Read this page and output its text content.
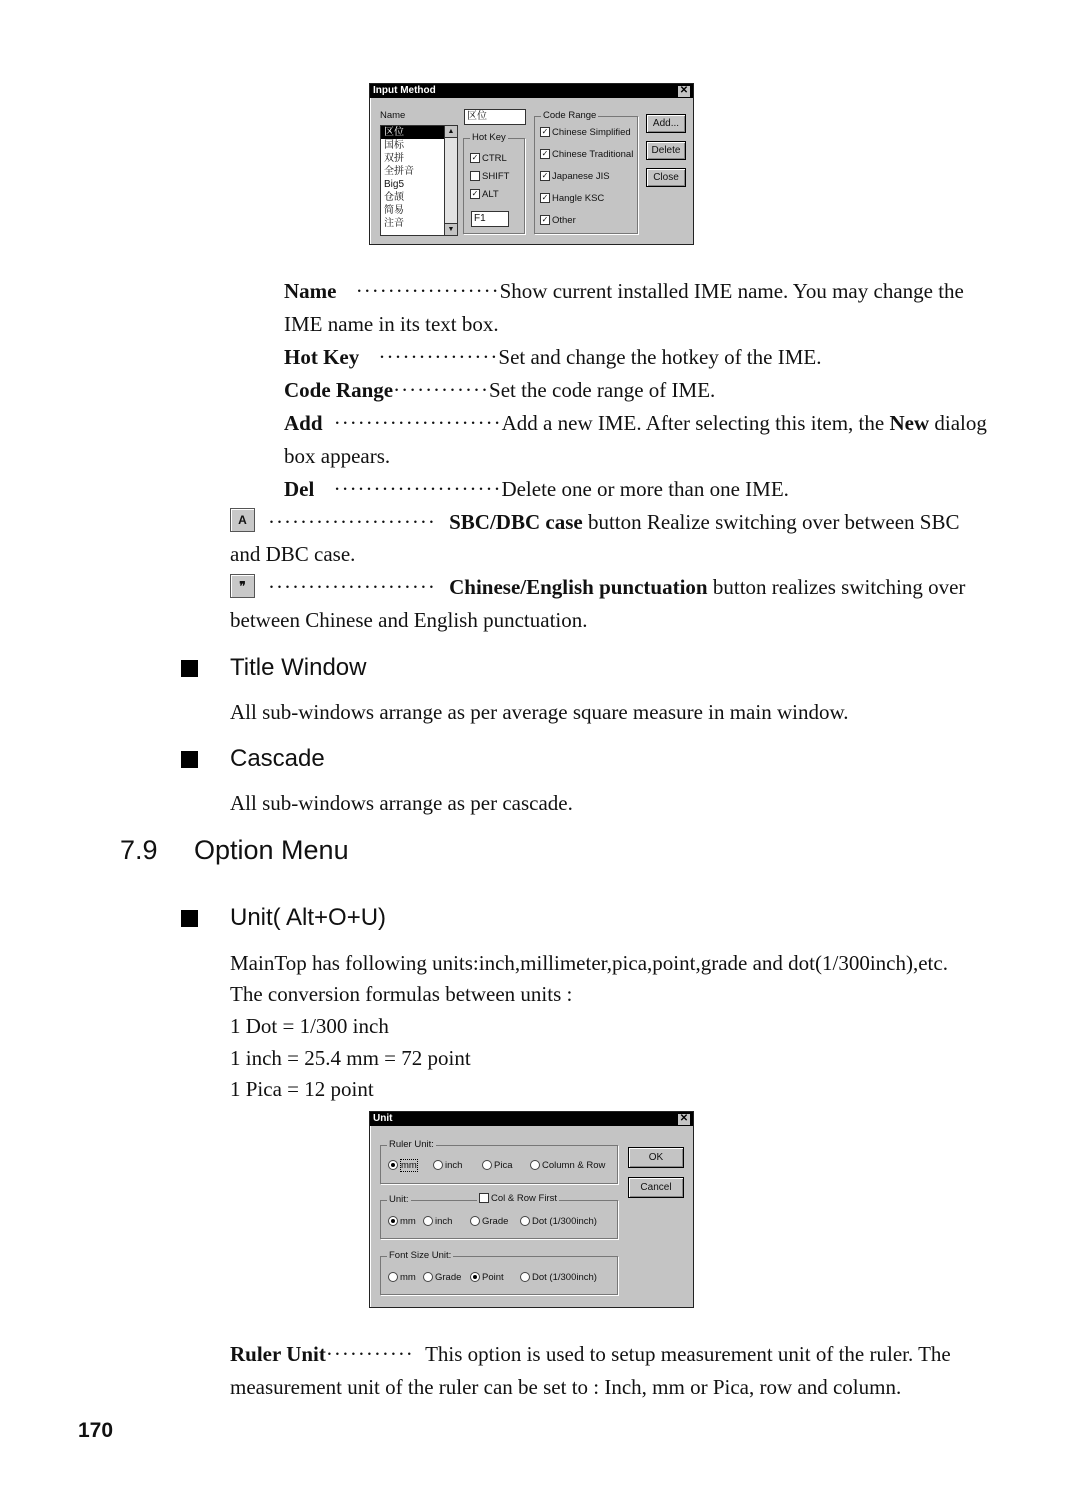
Input Method	✕
Name	区位
区位
国标
双拼
全拼音
Big5
仓颉
简易
注音
▲
▼
Hot Key
✓ CTRL
SHIFT
✓ ALT
F1
Code Range
✓ Chinese Simplified
✓ Chinese Traditional
✓ Japanese JIS
✓ Hangle KSC
✓ Other
Add...
Delete
Close
Name ··················Show current installed IME name. You may change the
IME name in its text box.
Hot Key ···············Set and change the hotkey of the IME.
Code Range············Set the code range of IME.
Add ·····················Add a new IME. After selecting this item, the New dialog
box appears.
Del ·····················Delete one or more than one IME.
A	····················· SBC/DBC case button Realize switching over between SBC
and DBC case.
❞	····················· Chinese/English punctuation button realizes switching over
between Chinese and English punctuation.
Title Window
All sub-windows arrange as per average square measure in main window.
Cascade
All sub-windows arrange as per cascade.
7.9 Option Menu
Unit( Alt+O+U)
MainTop has following units:inch,millimeter,pica,point,grade and dot(1/300inch),etc.
The conversion formulas between units :
1 Dot = 1/300 inch
1 inch = 25.4 mm = 72 point
1 Pica = 12 point
Unit	✕
Ruler Unit:
mm	inch	Pica	Column & Row
Unit:	Col & Row First
mm	inch	Grade	Dot (1/300inch)
Font Size Unit:
mm	Grade	Point	Dot (1/300inch)
OK
Cancel
Ruler Unit··········· This option is used to setup measurement unit of the ruler. The
measurement unit of the ruler can be set to : Inch, mm or Pica, row and column.
170
